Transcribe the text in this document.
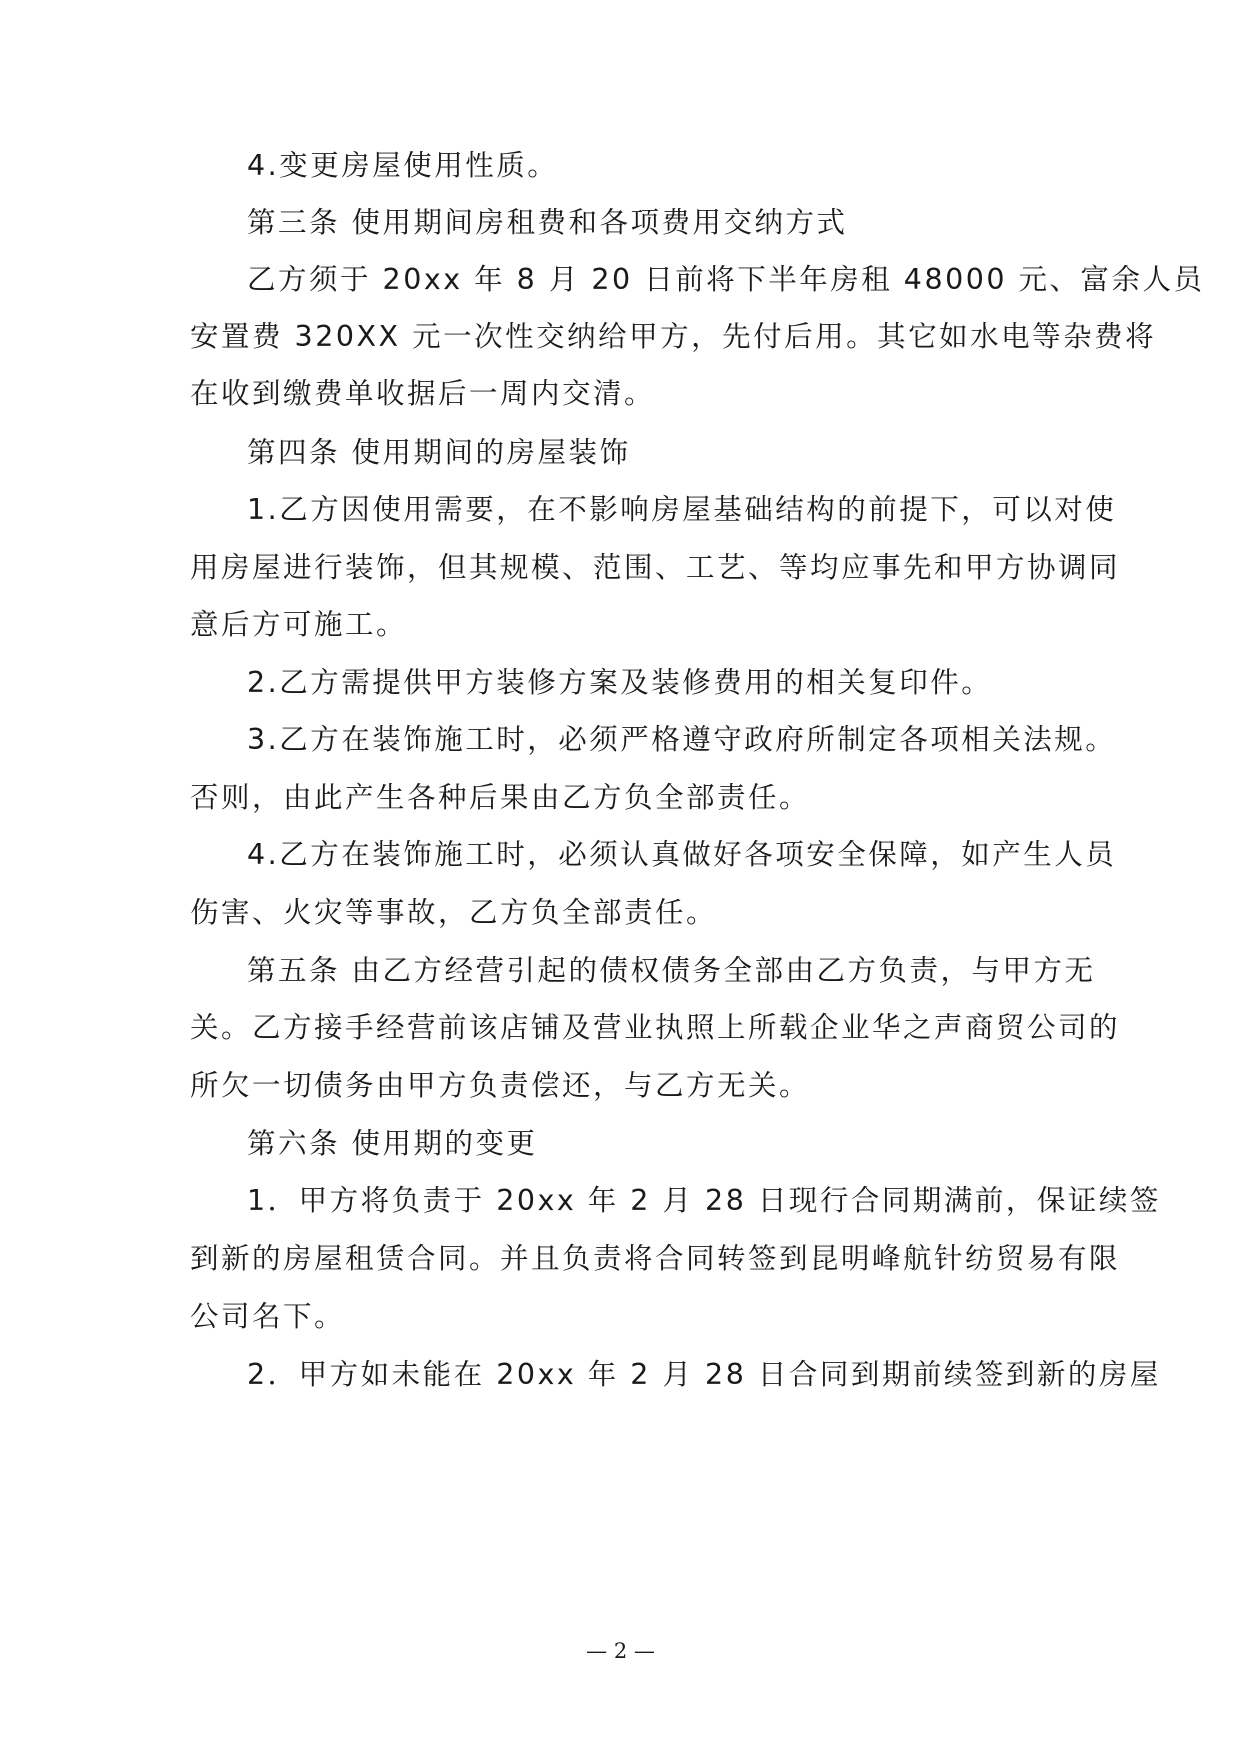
4.变更房屋使用性质。
第三条 使用期间房租费和各项费用交纳方式
乙方须于 20xx 年 8 月 20 日前将下半年房租 48000 元、富余人员
安置费 320XX 元一次性交纳给甲方，先付后用。其它如水电等杂费将
在收到缴费单收据后一周内交清。
第四条 使用期间的房屋装饰
1.乙方因使用需要，在不影响房屋基础结构的前提下，可以对使
用房屋进行装饰，但其规模、范围、工艺、等均应事先和甲方协调同
意后方可施工。
2.乙方需提供甲方装修方案及装修费用的相关复印件。
3.乙方在装饰施工时，必须严格遵守政府所制定各项相关法规。
否则，由此产生各种后果由乙方负全部责任。
4.乙方在装饰施工时，必须认真做好各项安全保障，如产生人员
伤害、火灾等事故，乙方负全部责任。
第五条 由乙方经营引起的债权债务全部由乙方负责，与甲方无
关。乙方接手经营前该店铺及营业执照上所载企业华之声商贸公司的
所欠一切债务由甲方负责偿还，与乙方无关。
第六条 使用期的变更
1．甲方将负责于 20xx 年 2 月 28 日现行合同期满前，保证续签
到新的房屋租赁合同。并且负责将合同转签到昆明峰航针纺贸易有限
公司名下。
2．甲方如未能在 20xx 年 2 月 28 日合同到期前续签到新的房屋
— 2 —
